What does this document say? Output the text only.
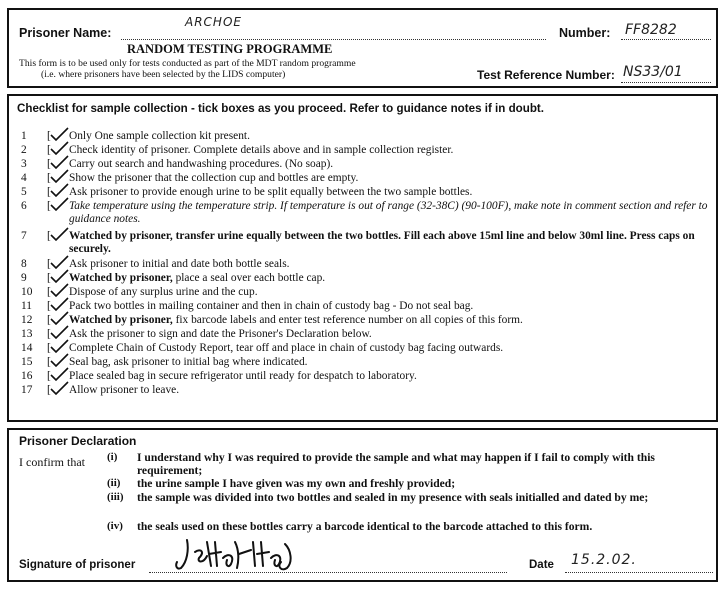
Prisoner Name:
ARCHOE
Number: FF8282
RANDOM TESTING PROGRAMME
This form is to be used only for tests conducted as part of the MDT random programme
(i.e. where prisoners have been selected by the LIDS computer)	Test Reference Number: NS33/01
Checklist for sample collection - tick boxes as you proceed. Refer to guidance notes if in doubt.
1	[ Only One sample collection kit present.
2	[ Check identity of prisoner. Complete details above and in sample collection register.
3	[ Carry out search and handwashing procedures. (No soap).
4	[ Show the prisoner that the collection cup and bottles are empty.
5	[ Ask prisoner to provide enough urine to be split equally between the two sample bottles.
6	[ Take temperature using the temperature strip. If temperature is out of range (32-38C) (90-100F), make note in comment section and refer to guidance notes.
7	[ Watched by prisoner, transfer urine equally between the two bottles. Fill each above 15ml line and below 30ml line. Press caps on securely.
8	[ Ask prisoner to initial and date both bottle seals.
9	[ Watched by prisoner, place a seal over each bottle cap.
10	[ Dispose of any surplus urine and the cup.
11	[ Pack two bottles in mailing container and then in chain of custody bag - Do not seal bag.
12	[ Watched by prisoner, fix barcode labels and enter test reference number on all copies of this form.
13	[ Ask the prisoner to sign and date the Prisoner's Declaration below.
14	[ Complete Chain of Custody Report, tear off and place in chain of custody bag facing outwards.
15	[ Seal bag, ask prisoner to initial bag where indicated.
16	[ Place sealed bag in secure refrigerator until ready for despatch to laboratory.
17	[ Allow prisoner to leave.
Prisoner Declaration
I confirm that (i) I understand why I was required to provide the sample and what may happen if I fail to comply with this requirement;
(ii) the urine sample I have given was my own and freshly provided;
(iii) the sample was divided into two bottles and sealed in my presence with seals initialled and dated by me;
(iv) the seals used on these bottles carry a barcode identical to the barcode attached to this form.
Signature of prisoner	Date 15.2.02.
